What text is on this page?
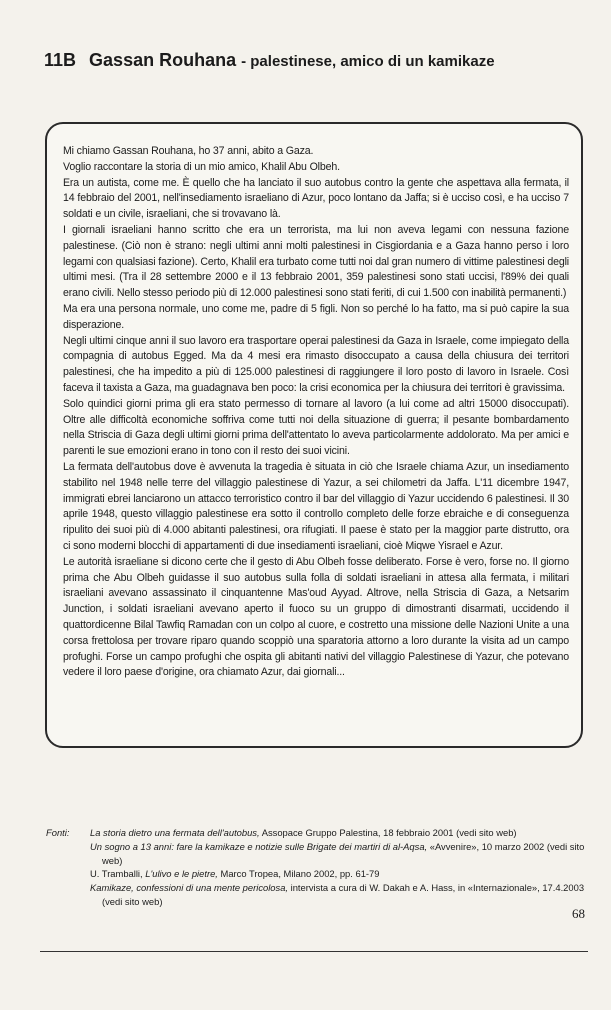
11B Gassan Rouhana - palestinese, amico di un kamikaze

Mi chiamo Gassan Rouhana, ho 37 anni, abito a Gaza.

Voglio raccontare la storia di un mio amico, Khalil Abu Olbeh.

Era un autista, come me. È quello che ha lanciato il suo autobus contro la gente che aspettava alla fermata, il 14 febbraio del 2001, nell'insediamento israeliano di Azur, poco lontano da Jaffa; si è ucciso così, e ha ucciso 7 soldati e un civile, israeliani, che si trovavano là.

I giornali israeliani hanno scritto che era un terrorista, ma lui non aveva legami con nessuna fazione palestinese. (Ciò non è strano: negli ultimi anni molti palestinesi in Cisgiordania e a Gaza hanno perso i loro legami con qualsiasi fazione). Certo, Khalil era turbato come tutti noi dal gran numero di vittime palestinesi degli ultimi mesi. (Tra il 28 settembre 2000 e il 13 febbraio 2001, 359 palestinesi sono stati uccisi, l'89% dei quali erano civili. Nello stesso periodo più di 12.000 palestinesi sono stati feriti, di cui 1.500 con inabilità permanenti.)

Ma era una persona normale, uno come me, padre di 5 figli. Non so perché lo ha fatto, ma si può capire la sua disperazione.

Negli ultimi cinque anni il suo lavoro era trasportare operai palestinesi da Gaza in Israele, come impiegato della compagnia di autobus Egged. Ma da 4 mesi era rimasto disoccupato a causa della chiusura dei territori palestinesi, che ha impedito a più di 125.000 palestinesi di raggiungere il loro posto di lavoro in Israele. Così faceva il taxista a Gaza, ma guadagnava ben poco: la crisi economica per la chiusura dei territori è gravissima.

Solo quindici giorni prima gli era stato permesso di tornare al lavoro (a lui come ad altri 15000 disoccupati). Oltre alle difficoltà economiche soffriva come tutti noi della situazione di guerra; il pesante bombardamento nella Striscia di Gaza degli ultimi giorni prima dell'attentato lo aveva particolarmente addolorato. Ma per amici e parenti le sue emozioni erano in tono con il resto dei suoi vicini.

La fermata dell'autobus dove è avvenuta la tragedia è situata in ciò che Israele chiama Azur, un insediamento stabilito nel 1948 nelle terre del villaggio palestinese di Yazur, a sei chilometri da Jaffa. L'11 dicembre 1947, immigrati ebrei lanciarono un attacco terroristico contro il bar del villaggio di Yazur uccidendo 6 palestinesi. Il 30 aprile 1948, questo villaggio palestinese era sotto il controllo completo delle forze ebraiche e di conseguenza ripulito dei suoi più di 4.000 abitanti palestinesi, ora rifugiati. Il paese è stato per la maggior parte distrutto, ora ci sono moderni blocchi di appartamenti di due insediamenti israeliani, cioè Miqwe Yisrael e Azur.

Le autorità israeliane si dicono certe che il gesto di Abu Olbeh fosse deliberato. Forse è vero, forse no. Il giorno prima che Abu Olbeh guidasse il suo autobus sulla folla di soldati israeliani in attesa alla fermata, i militari israeliani avevano assassinato il cinquantenne Mas'oud Ayyad. Altrove, nella Striscia di Gaza, a Netsarim Junction, i soldati israeliani avevano aperto il fuoco su un gruppo di dimostranti disarmati, uccidendo il quattordicenne Bilal Tawfiq Ramadan con un colpo al cuore, e costretto una missione delle Nazioni Unite a una corsa frettolosa per trovare riparo quando scoppiò una sparatoria attorno a loro durante la visita ad un campo profughi. Forse un campo profughi che ospita gli abitanti nativi del villaggio Palestinese di Yazur, che potevano vedere il loro paese d'origine, ora chiamato Azur, dai giornali...

Fonti: La storia dietro una fermata dell'autobus, Assopace Gruppo Palestina, 18 febbraio 2001 (vedi sito web)
Un sogno a 13 anni: fare la kamikaze e notizie sulle Brigate dei martiri di al-Aqsa, «Avvenire», 10 marzo 2002 (vedi sito web)
U. Tramballi, L'ulivo e le pietre, Marco Tropea, Milano 2002, pp. 61-79
Kamikaze, confessioni di una mente pericolosa, intervista a cura di W. Dakah e A. Hass, in «Internazionale», 17.4.2003 (vedi sito web)
68
